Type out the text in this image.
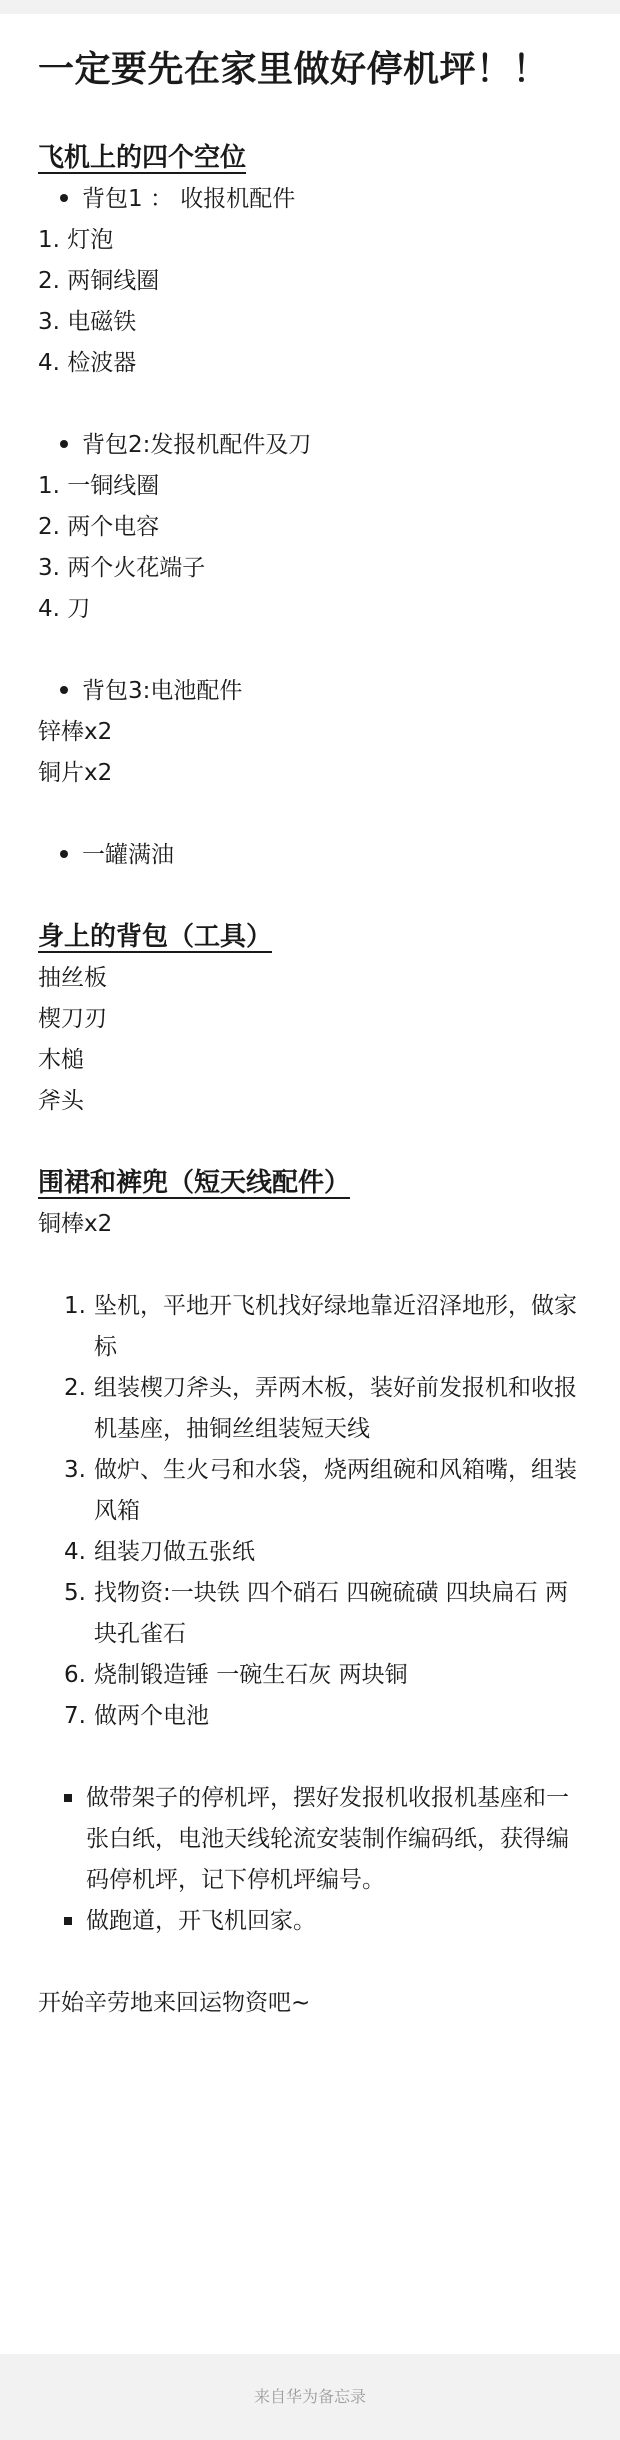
一定要先在家里做好停机坪！！
飞机上的四个空位
背包1 ： 收报机配件
1. 灯泡
2. 两铜线圈
3. 电磁铁
4. 检波器
背包2:发报机配件及刀
1. 一铜线圈
2. 两个电容
3. 两个火花端子
4. 刀
背包3:电池配件
锌棒x2
铜片x2
一罐满油
身上的背包（工具）
抽丝板
楔刀刃
木槌
斧头
围裙和裤兜（短天线配件）
铜棒x2
1. 坠机，平地开飞机找好绿地靠近沼泽地形，做家标
2. 组装楔刀斧头，弄两木板，装好前发报机和收报机基座，抽铜丝组装短天线
3. 做炉、生火弓和水袋，烧两组碗和风箱嘴，组装风箱
4. 组装刀做五张纸
5. 找物资:一块铁 四个硝石 四碗硫磺 四块扁石 两块孔雀石
6. 烧制锻造锤 一碗生石灰 两块铜
7. 做两个电池
做带架子的停机坪，摆好发报机收报机基座和一张白纸，电池天线轮流安装制作编码纸，获得编码停机坪，记下停机坪编号。
做跑道，开飞机回家。
开始辛劳地来回运物资吧~
来自华为备忘录
